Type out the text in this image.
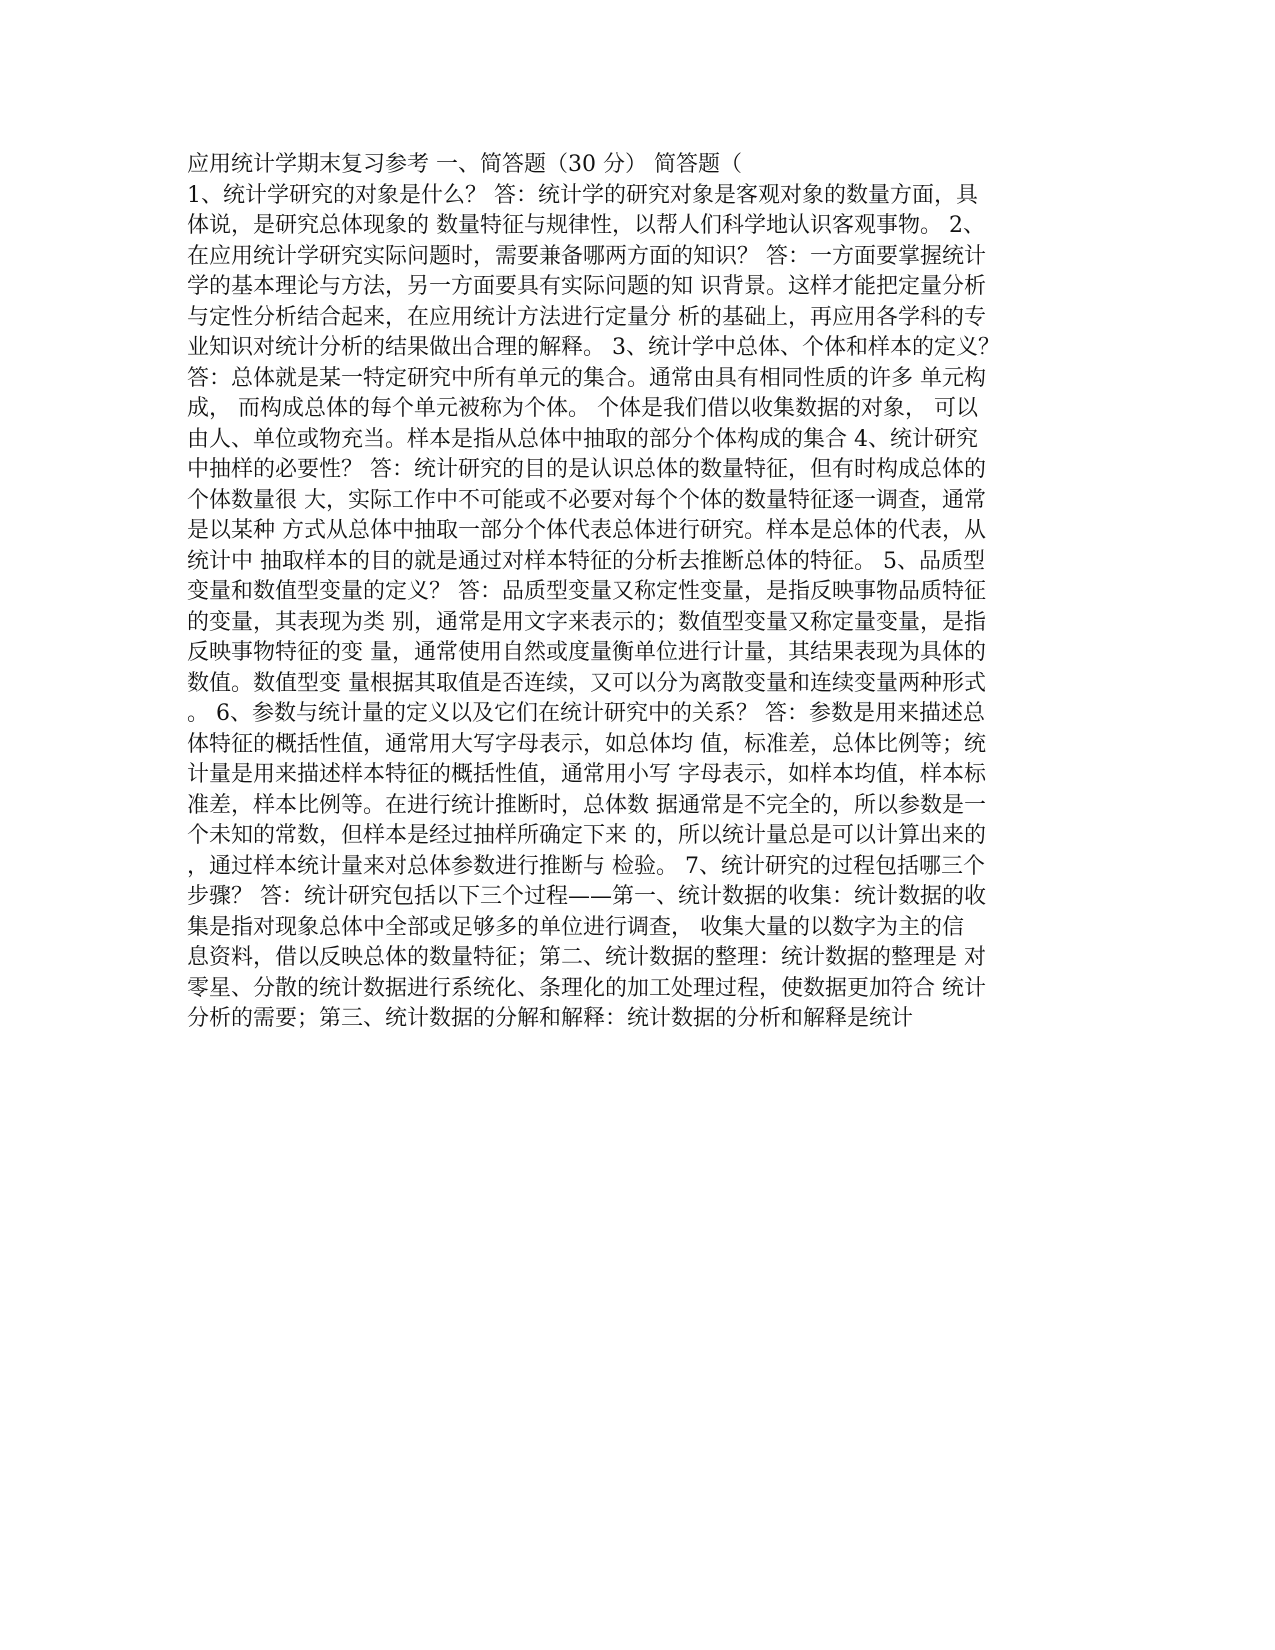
应用统计学期末复习参考 一、简答题（30 分） 简答题（
1、统计学研究的对象是什么？ 答：统计学的研究对象是客观对象的数量方面，具
体说，是研究总体现象的 数量特征与规律性，以帮人们科学地认识客观事物。 2、
在应用统计学研究实际问题时，需要兼备哪两方面的知识？ 答：一方面要掌握统计
学的基本理论与方法，另一方面要具有实际问题的知 识背景。这样才能把定量分析
与定性分析结合起来，在应用统计方法进行定量分 析的基础上，再应用各学科的专
业知识对统计分析的结果做出合理的解释。 3、统计学中总体、个体和样本的定义？
答：总体就是某一特定研究中所有单元的集合。通常由具有相同性质的许多 单元构
成， 而构成总体的每个单元被称为个体。 个体是我们借以收集数据的对象， 可以
由人、单位或物充当。样本是指从总体中抽取的部分个体构成的集合 4、统计研究
中抽样的必要性？ 答：统计研究的目的是认识总体的数量特征，但有时构成总体的
个体数量很 大，实际工作中不可能或不必要对每个个体的数量特征逐一调查，通常
是以某种 方式从总体中抽取一部分个体代表总体进行研究。样本是总体的代表，从
统计中 抽取样本的目的就是通过对样本特征的分析去推断总体的特征。 5、品质型
变量和数值型变量的定义？ 答：品质型变量又称定性变量，是指反映事物品质特征
的变量，其表现为类 别，通常是用文字来表示的；数值型变量又称定量变量，是指
反映事物特征的变 量，通常使用自然或度量衡单位进行计量，其结果表现为具体的
数值。数值型变 量根据其取值是否连续，又可以分为离散变量和连续变量两种形式
。 6、参数与统计量的定义以及它们在统计研究中的关系？ 答：参数是用来描述总
体特征的概括性值，通常用大写字母表示，如总体均 值，标准差，总体比例等；统
计量是用来描述样本特征的概括性值，通常用小写 字母表示，如样本均值，样本标
准差，样本比例等。在进行统计推断时，总体数 据通常是不完全的，所以参数是一
个未知的常数，但样本是经过抽样所确定下来 的，所以统计量总是可以计算出来的
，通过样本统计量来对总体参数进行推断与 检验。 7、统计研究的过程包括哪三个
步骤？ 答：统计研究包括以下三个过程——第一、统计数据的收集：统计数据的收
集是指对现象总体中全部或足够多的单位进行调查， 收集大量的以数字为主的信
息资料，借以反映总体的数量特征；第二、统计数据的整理：统计数据的整理是 对
零星、分散的统计数据进行系统化、条理化的加工处理过程，使数据更加符合 统计
分析的需要；第三、统计数据的分解和解释：统计数据的分析和解释是统计
